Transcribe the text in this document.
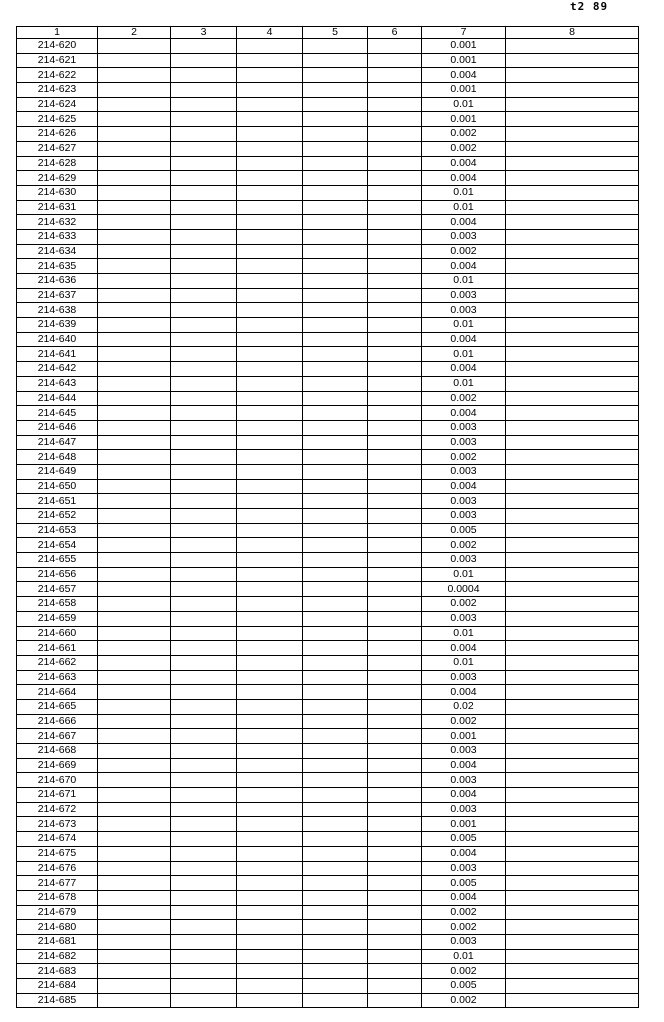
t2 89
1	2	3	4	5	6	7	8
214-620						0.001	
214-621						0.001	
214-622						0.004	
214-623						0.001	
214-624						0.01	
214-625						0.001	
214-626						0.002	
214-627						0.002	
214-628						0.004	
214-629						0.004	
214-630						0.01	
214-631						0.01	
214-632						0.004	
214-633						0.003	
214-634						0.002	
214-635						0.004	
214-636						0.01	
214-637						0.003	
214-638						0.003	
214-639						0.01	
214-640						0.004	
214-641						0.01	
214-642						0.004	
214-643						0.01	
214-644						0.002	
214-645						0.004	
214-646						0.003	
214-647						0.003	
214-648						0.002	
214-649						0.003	
214-650						0.004	
214-651						0.003	
214-652						0.003	
214-653						0.005	
214-654						0.002	
214-655						0.003	
214-656						0.01	
214-657						0.0004	
214-658						0.002	
214-659						0.003	
214-660						0.01	
214-661						0.004	
214-662						0.01	
214-663						0.003	
214-664						0.004	
214-665						0.02	
214-666						0.002	
214-667						0.001	
214-668						0.003	
214-669						0.004	
214-670						0.003	
214-671						0.004	
214-672						0.003	
214-673						0.001	
214-674						0.005	
214-675						0.004	
214-676						0.003	
214-677						0.005	
214-678						0.004	
214-679						0.002	
214-680						0.002	
214-681						0.003	
214-682						0.01	
214-683						0.002	
214-684						0.005	
214-685						0.002	
